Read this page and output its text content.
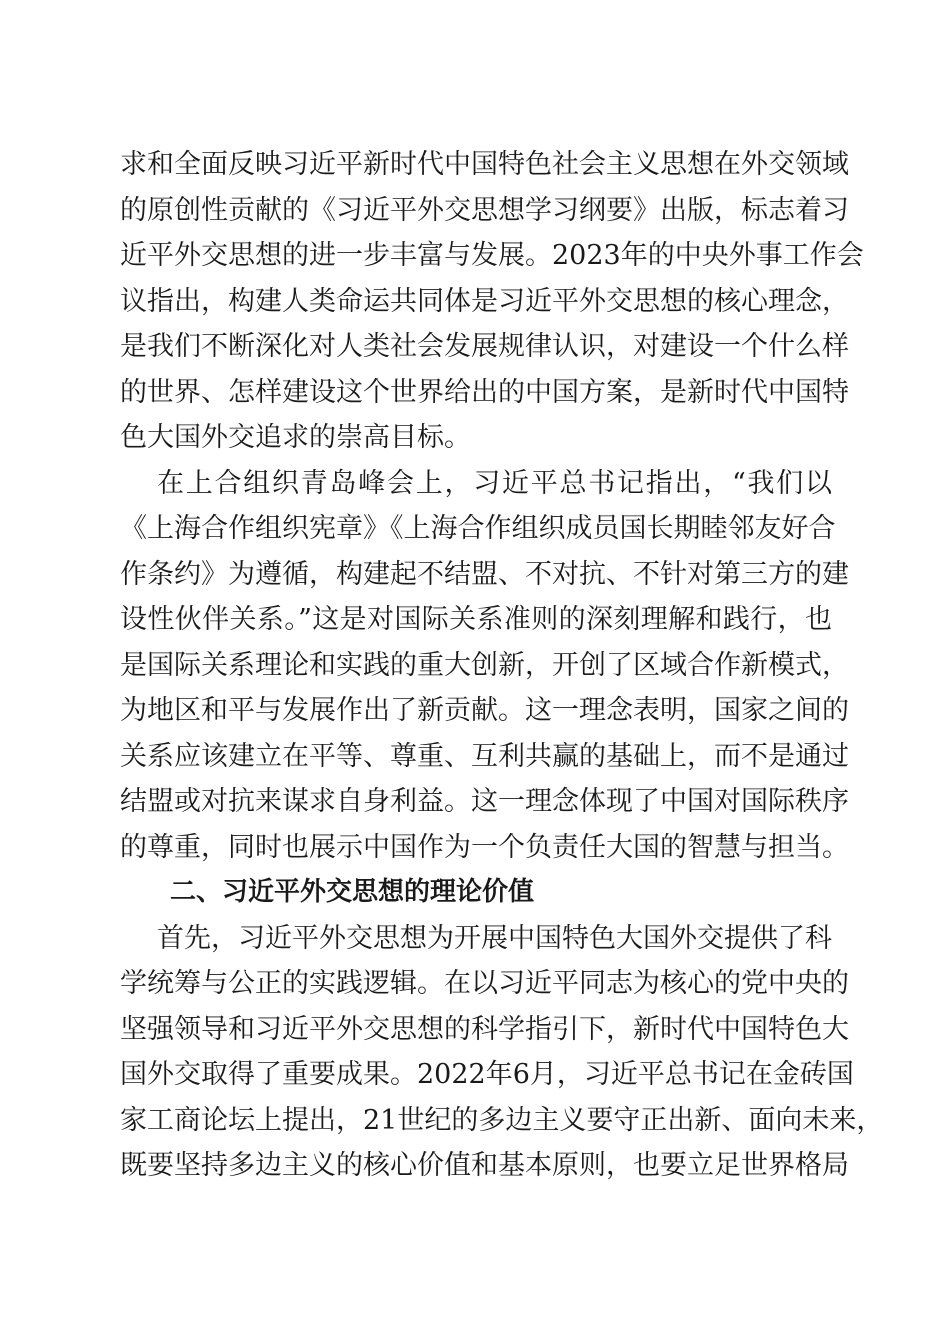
求和全面反映习近平新时代中国特色社会主义思想在外交领域
的原创性贡献的《习近平外交思想学习纲要》出版，标志着习
近平外交思想的进一步丰富与发展。2023年的中央外事工作会
议指出，构建人类命运共同体是习近平外交思想的核心理念，
是我们不断深化对人类社会发展规律认识，对建设一个什么样
的世界、怎样建设这个世界给出的中国方案，是新时代中国特
色大国外交追求的崇高目标。
在上合组织青岛峰会上，习近平总书记指出，“我们以
《上海合作组织宪章》《上海合作组织成员国长期睦邻友好合
作条约》为遵循，构建起不结盟、不对抗、不针对第三方的建
设性伙伴关系。”这是对国际关系准则的深刻理解和践行，也
是国际关系理论和实践的重大创新，开创了区域合作新模式，
为地区和平与发展作出了新贡献。这一理念表明，国家之间的
关系应该建立在平等、尊重、互利共赢的基础上，而不是通过
结盟或对抗来谋求自身利益。这一理念体现了中国对国际秩序
的尊重，同时也展示中国作为一个负责任大国的智慧与担当。
二、习近平外交思想的理论价值
首先，习近平外交思想为开展中国特色大国外交提供了科
学统筹与公正的实践逻辑。在以习近平同志为核心的党中央的
坚强领导和习近平外交思想的科学指引下，新时代中国特色大
国外交取得了重要成果。2022年6月，习近平总书记在金砖国
家工商论坛上提出，21世纪的多边主义要守正出新、面向未来，
既要坚持多边主义的核心价值和基本原则，也要立足世界格局
